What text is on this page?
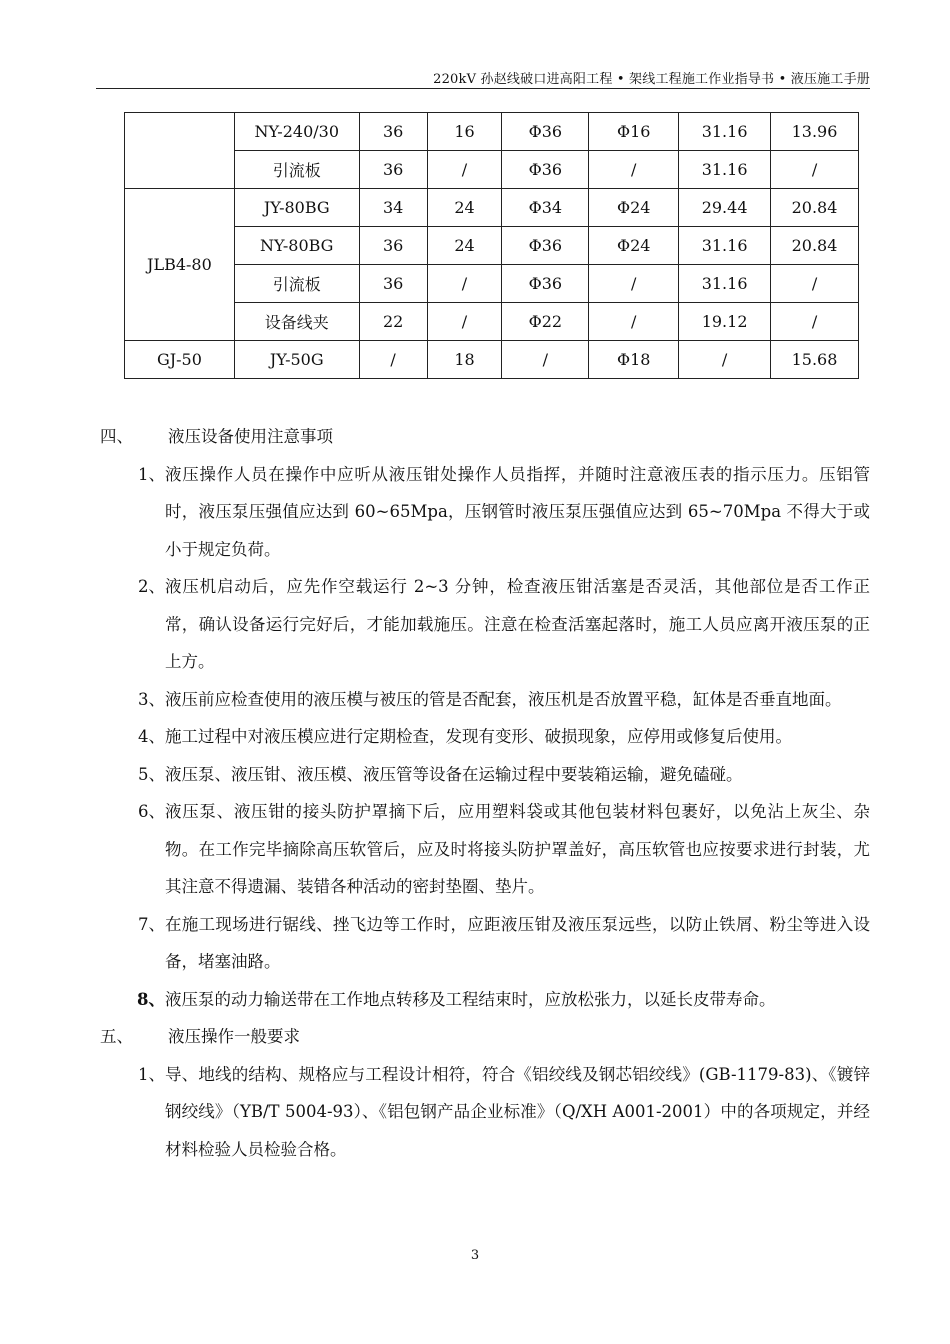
220kV 孙赵线破口进高阳工程 • 架线工程施工作业指导书 • 液压施工手册
	NY-240/30	36	16	Φ36	Φ16	31.16	13.96
	引流板	36	/	Φ36	/	31.16	/
JLB4-80	JY-80BG	34	24	Φ34	Φ24	29.44	20.84
	NY-80BG	36	24	Φ36	Φ24	31.16	20.84
	引流板	36	/	Φ36	/	31.16	/
	设备线夹	22	/	Φ22	/	19.12	/
GJ-50	JY-50G	/	18	/	Φ18	/	15.68
四、	液压设备使用注意事项
1、 液压操作人员在操作中应听从液压钳处操作人员指挥，并随时注意液压表的指示压力。压铝管时，液压泵压强值应达到 60~65Mpa，压钢管时液压泵压强值应达到 65~70Mpa 不得大于或小于规定负荷。
2、 液压机启动后，应先作空载运行 2~3 分钟，检查液压钳活塞是否灵活，其他部位是否工作正常，确认设备运行完好后，才能加载施压。注意在检查活塞起落时，施工人员应离开液压泵的正上方。
3、 液压前应检查使用的液压模与被压的管是否配套，液压机是否放置平稳，缸体是否垂直地面。
4、 施工过程中对液压模应进行定期检查，发现有变形、破损现象，应停用或修复后使用。
5、 液压泵、液压钳、液压模、液压管等设备在运输过程中要装箱运输，避免磕碰。
6、 液压泵、液压钳的接头防护罩摘下后，应用塑料袋或其他包装材料包裹好，以免沾上灰尘、杂物。在工作完毕摘除高压软管后，应及时将接头防护罩盖好，高压软管也应按要求进行封装，尤其注意不得遗漏、装错各种活动的密封垫圈、垫片。
7、 在施工现场进行锯线、挫飞边等工作时，应距液压钳及液压泵远些，以防止铁屑、粉尘等进入设备，堵塞油路。
8、 液压泵的动力输送带在工作地点转移及工程结束时，应放松张力，以延长皮带寿命。
五、	液压操作一般要求
1、 导、地线的结构、规格应与工程设计相符，符合《铝绞线及钢芯铝绞线》(GB-1179-83)、《镀锌钢绞线》（YB/T 5004-93）、《铝包钢产品企业标准》（Q/XH A001-2001）中的各项规定，并经材料检验人员检验合格。
3
